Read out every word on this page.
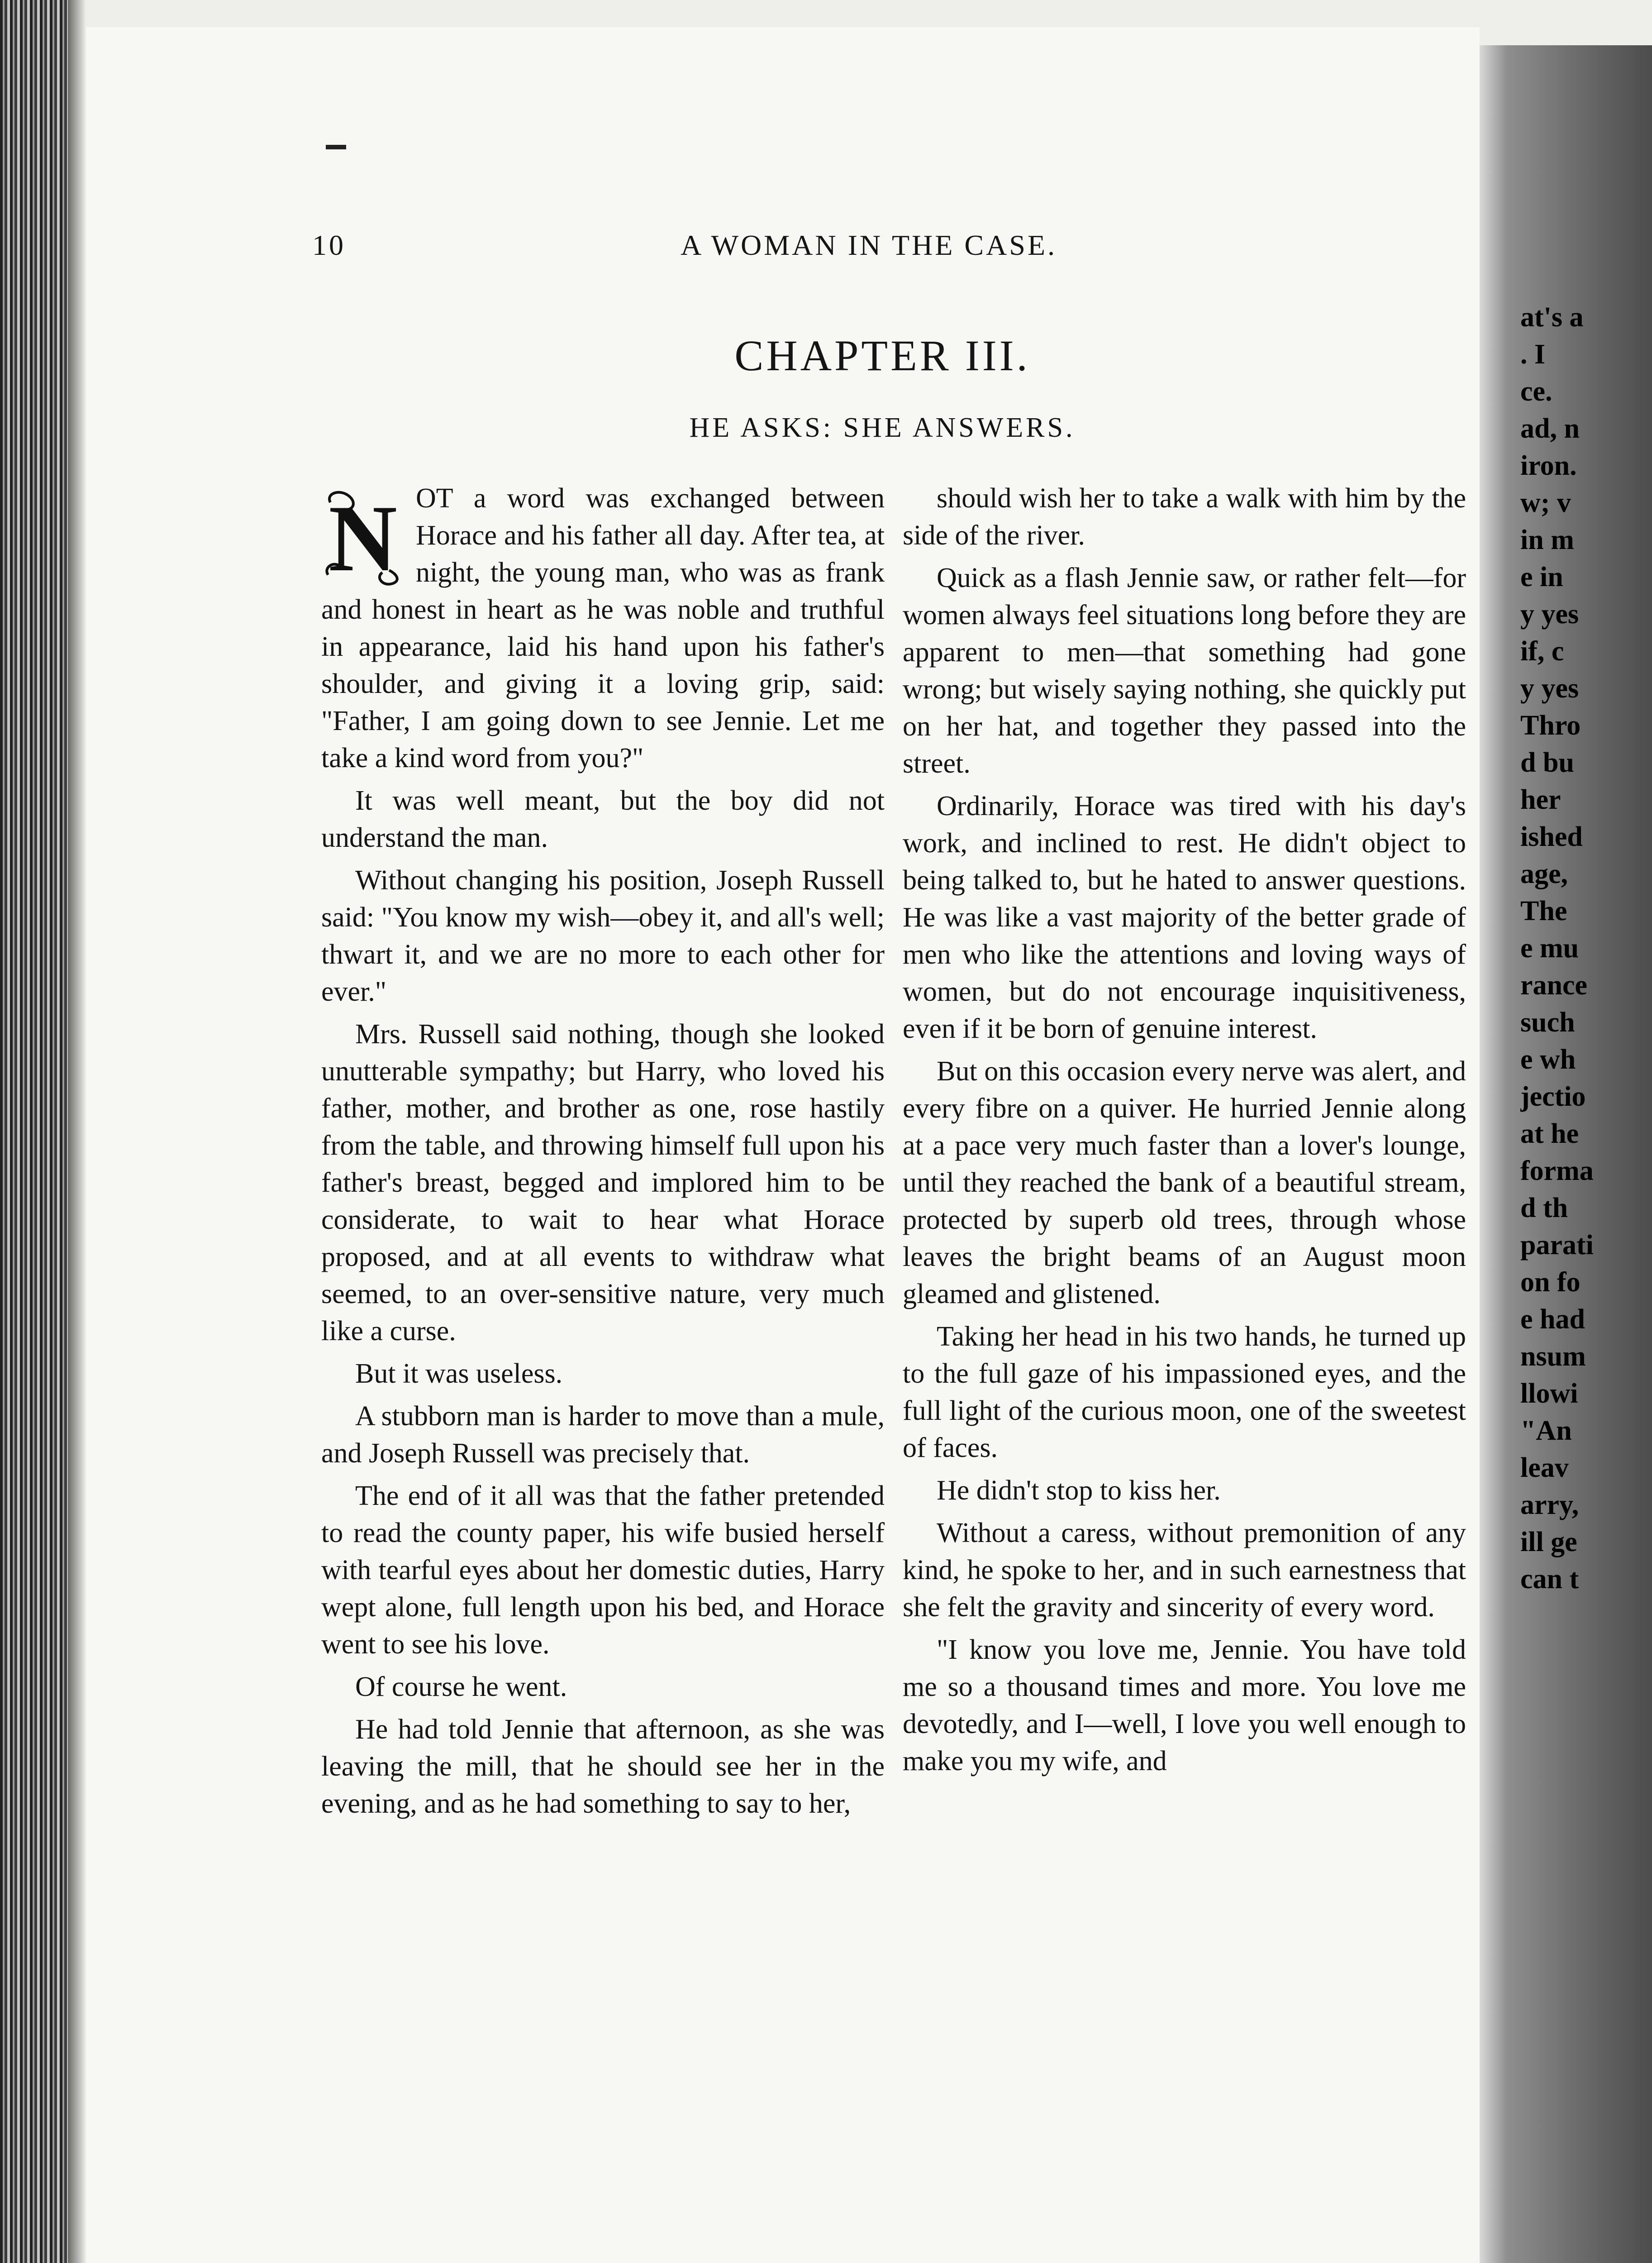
at's a
. I
ce.
ad, n
iron.
w; v
in m
e in
y yes
if, c
y yes
Thro
d bu
her
ished
age,
The
e mu
rance
such
e wh
jectio
at he
forma
d th
parati
on fo
e had
nsum
llowi
"An
leav
arry,
ill ge
can t
10	A WOMAN IN THE CASE.
CHAPTER III.
HE ASKS: SHE ANSWERS.
N OT a word was exchanged between Horace and his father all day. After tea, at night, the young man, who was as frank and honest in heart as he was noble and truthful in appearance, laid his hand upon his father's shoulder, and giving it a loving grip, said: "Father, I am going down to see Jennie. Let me take a kind word from you?"

It was well meant, but the boy did not understand the man.

Without changing his position, Joseph Russell said: "You know my wish—obey it, and all's well; thwart it, and we are no more to each other for ever."

Mrs. Russell said nothing, though she looked unutterable sympathy; but Harry, who loved his father, mother, and brother as one, rose hastily from the table, and throwing himself full upon his father's breast, begged and implored him to be considerate, to wait to hear what Horace proposed, and at all events to withdraw what seemed, to an over-sensitive nature, very much like a curse.

But it was useless.

A stubborn man is harder to move than a mule, and Joseph Russell was precisely that.

The end of it all was that the father pretended to read the county paper, his wife busied herself with tearful eyes about her domestic duties, Harry wept alone, full length upon his bed, and Horace went to see his love.

Of course he went.

He had told Jennie that afternoon, as she was leaving the mill, that he should see her in the evening, and as he had something to say to her,

should wish her to take a walk with him by the side of the river.

Quick as a flash Jennie saw, or rather felt—for women always feel situations long before they are apparent to men—that something had gone wrong; but wisely saying nothing, she quickly put on her hat, and together they passed into the street.

Ordinarily, Horace was tired with his day's work, and inclined to rest. He didn't object to being talked to, but he hated to answer questions. He was like a vast majority of the better grade of men who like the attentions and loving ways of women, but do not encourage inquisitiveness, even if it be born of genuine interest.

But on this occasion every nerve was alert, and every fibre on a quiver. He hurried Jennie along at a pace very much faster than a lover's lounge, until they reached the bank of a beautiful stream, protected by superb old trees, through whose leaves the bright beams of an August moon gleamed and glistened.

Taking her head in his two hands, he turned up to the full gaze of his impassioned eyes, and the full light of the curious moon, one of the sweetest of faces.

He didn't stop to kiss her.

Without a caress, without premonition of any kind, he spoke to her, and in such earnestness that she felt the gravity and sincerity of every word.

"I know you love me, Jennie. You have told me so a thousand times and more. You love me devotedly, and I—well, I love you well enough to make you my wife, and
